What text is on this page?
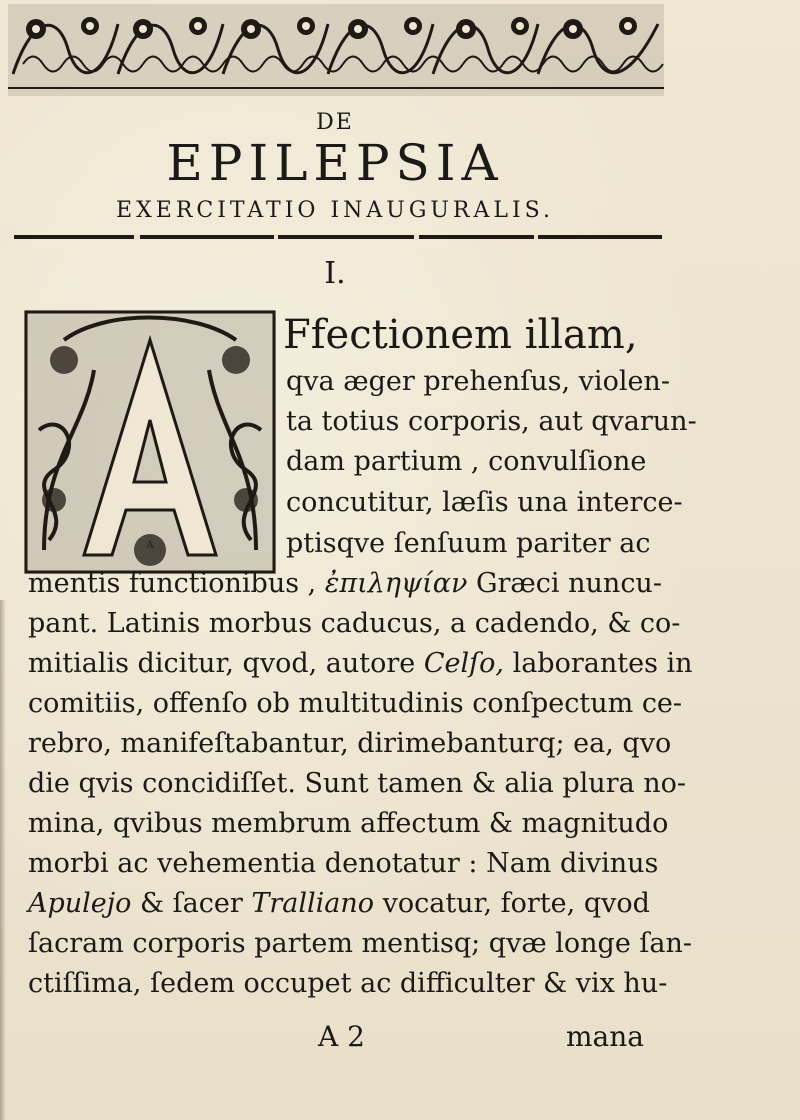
DE
EPILEPSIA
EXERCITATIO INAUGURALIS.
I.
A
Ffectionem illam,
qva æger prehenſus, violen-
ta totius corporis, aut qvarun-
dam partium , convulſione
concutitur, læſis una interce-
ptisqve ſenſuum pariter ac
mentis functionibus , ἐπιληψίαν Græci nuncu-
pant. Latinis morbus caducus, a cadendo, & co-
mitialis dicitur, qvod, autore Celſo, laborantes in
comitiis, offenſo ob multitudinis conſpectum ce-
rebro, manifeſtabantur, dirimebanturq; ea, qvo
die qvis concidiſſet. Sunt tamen & alia plura no-
mina, qvibus membrum affectum & magnitudo
morbi ac vehementia denotatur : Nam divinus
Apulejo & ſacer Tralliano vocatur, forte, qvod
ſacram corporis partem mentisq; qvæ longe ſan-
ctiſſima, ſedem occupet ac difficulter & vix hu-
A 2	mana
